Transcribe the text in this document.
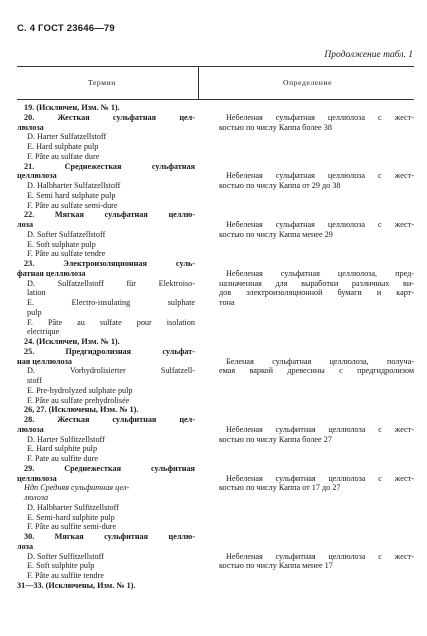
С. 4 ГОСТ 23646—79
Продолжение табл. 1
Термин	Определение
19. (Исключен, Изм. № 1).
20. Жесткая сульфатная цел-
люлоза
D. Harter Sulfatzellstoff
E. Hard sulphate pulp
F. Pâte au sulfate dure
21. Среднежесткая сульфатная
целлюлоза
D. Halbharter Sulfatzellstoff
E. Semi hard sulphate pulp
F. Pâte au sulfate semi-dure
22. Мягкая сульфатная целлю-
лоза
D. Softer Sulfatzellstoff
E. Soft sulphate pulp
F. Pâte au sulfate tendre
23. Электроизоляционная суль-
фатная целлюлоза
D. Sulfatzellstoff für Elektroiso-
lation
E. Electro-insulating sulphate
pulp
F. Pâte au sulfate pour isolation
electrique
24. (Исключен, Изм. № 1).
25. Предгидролизная сульфат-
ная целлюлоза
D. Vorhydrolisierter Sulfatzell-
stoff
E. Pre-hydrolyzed sulphate pulp
F. Pâte au sulfate prehydrolisée
26, 27. (Исключены, Изм. № 1).
28. Жесткая сульфитная цел-
люлоза
D. Harter Sulfitzellstoff
E. Hard sulphite pulp
F. Pate au sulfite dure
29. Среднежесткая сульфитная
целлюлоза
Ндп Средняя сульфитная цел-
люлоза
D. Halbharter Sulfitzellstoff
E. Semi-hard sulphite pulp
F. Pâte au sulfite semi-dure
30. Мягкая сульфитная целлю-
лоза
D. Softer Sulfitzellstoff
E. Soft sulphite pulp
F. Pâte au sulfite tendre
31—33. (Исключены, Изм. № 1).
Небеленая сульфатная целлюлоза с жест-
костью по числу Каппа более 38
Небеленая сульфатная целлюлоза с жест-
костью по числу Каппа от 29 до 38
Небеленая сульфатная целлюлоза с жест-
костью по числу Каппа менее 29
Небеленая сульфатная целлюлоза, пред-
назначенная для выработки различных ви-
дов электроизоляционной бумаги и карт-
тона
Беленая сульфатная целлюлоза, получа-
емая варкой древесины с предгидролизом
Небеленая сульфитная целлюлоза с жест-
костью по числу Каппа более 27
Небеленая сульфитная целлюлоза с жест-
костью по числу Каппа от 17 до 27
Небеленая сульфитная целлюлоза с жест-
костью по числу Каппа менее 17
